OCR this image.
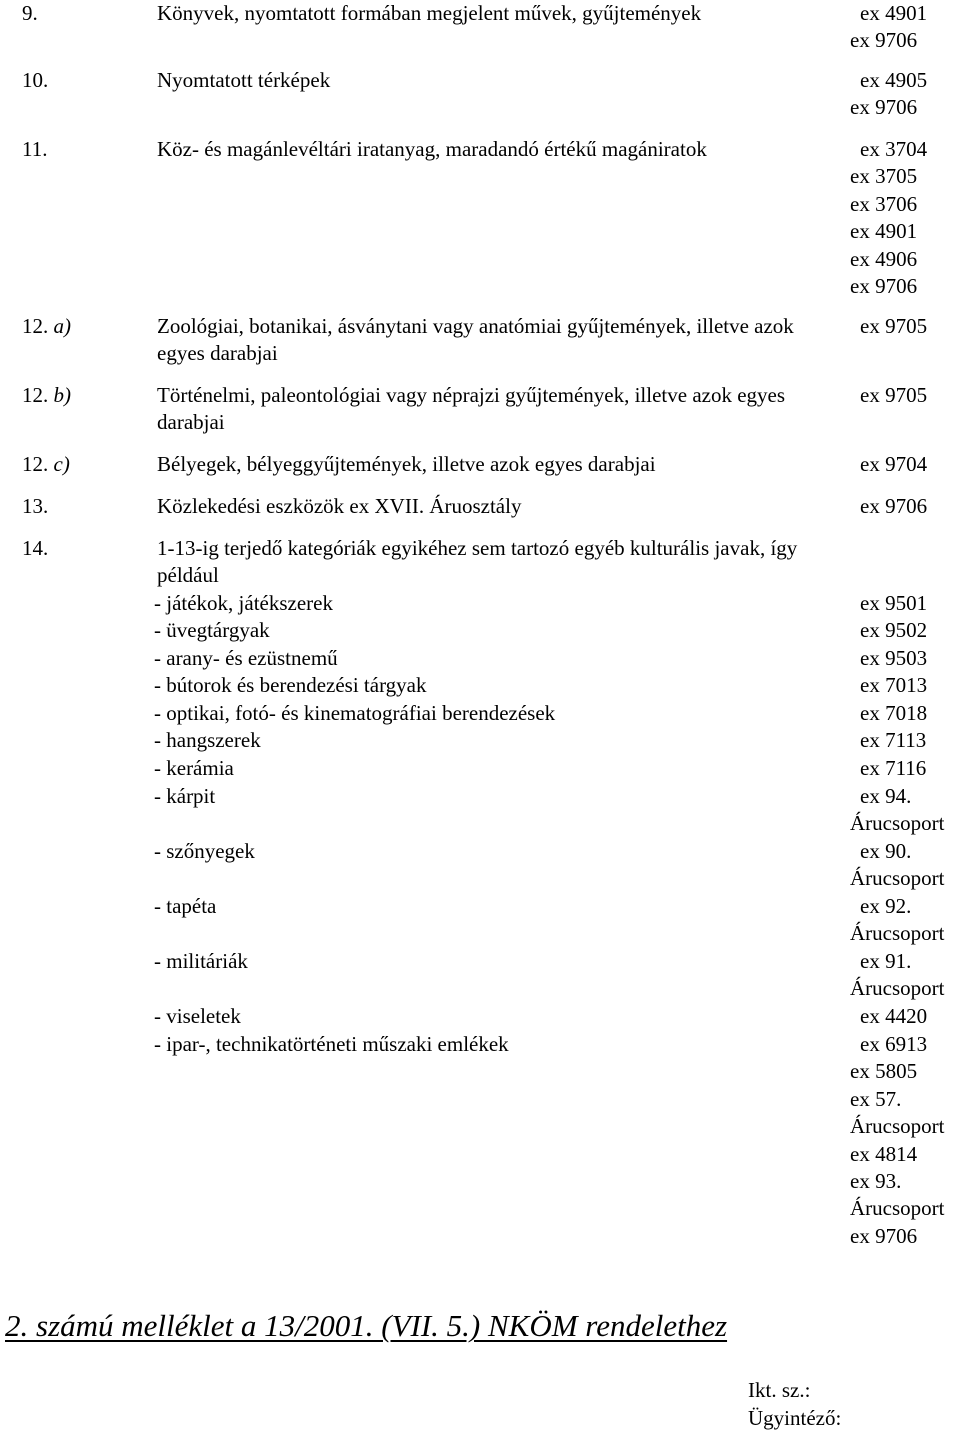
9.	Könyvek, nyomtatott formában megjelent művek, gyűjtemények	ex 4901
ex 9706
10.	Nyomtatott térképek	ex 4905
ex 9706
11.	Köz- és magánlevéltári iratanyag, maradandó értékű magániratok	ex 3704
ex 3705
ex 3706
ex 4901
ex 4906
ex 9706
12. a)	Zoológiai, botanikai, ásványtani vagy anatómiai gyűjtemények, illetve azok egyes darabjai
ex 9705
12. b)	Történelmi, paleontológiai vagy néprajzi gyűjtemények, illetve azok egyes darabjai
ex 9705
12. c)	Bélyegek, bélyeggyűjtemények, illetve azok egyes darabjai	ex 9704
13.	Közlekedési eszközök ex XVII. Áruosztály	ex 9706
14.	1-13-ig terjedő kategóriák egyikéhez sem tartozó egyéb kulturális javak, így például
- játékok, játékszerek	ex 9501
- üvegtárgyak	ex 9502
- arany- és ezüstnemű	ex 9503
- bútorok és berendezési tárgyak	ex 7013
- optikai, fotó- és kinematográfiai berendezések	ex 7018
- hangszerek	ex 7113
- kerámia	ex 7116
- kárpit	ex 94.
Árucsoport
- szőnyegek	ex 90.
Árucsoport
- tapéta	ex 92.
Árucsoport
- militáriák	ex 91.
Árucsoport
- viseletek	ex 4420
- ipar-, technikatörténeti műszaki emlékek	ex 6913
ex 5805
ex 57.
Árucsoport
ex 4814
ex 93.
Árucsoport
ex 9706
2. számú melléklet a 13/2001. (VII. 5.) NKÖM rendelethez
Ikt. sz.:
Ügyintéző:
